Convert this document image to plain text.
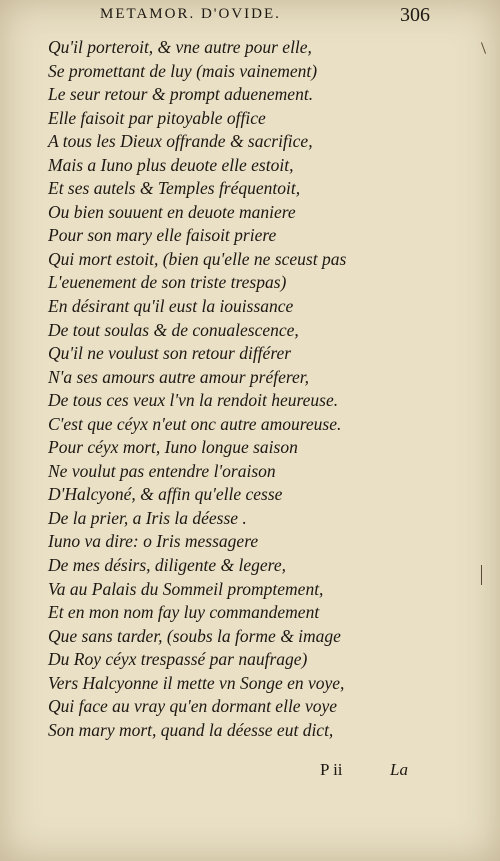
METAMOR. D'OVIDE.	306
Qu'il porteroit, & vne autre pour elle,
Se promettant de luy (mais vainement)
Le seur retour & prompt aduenement.
Elle faisoit par pitoyable office
A tous les Dieux offrande & sacrifice,
Mais a Iuno plus deuote elle estoit,
Et ses autels & Temples fréquentoit,
Ou bien souuent en deuote maniere
Pour son mary elle faisoit priere
Qui mort estoit, (bien qu'elle ne sceust pas
L'euenement de son triste trespas)
En désirant qu'il eust la iouissance
De tout soulas & de conualescence,
Qu'il ne voulust son retour différer
N'a ses amours autre amour préferer,
De tous ces veux l'vn la rendoit heureuse.
C'est que céyx n'eut onc autre amoureuse.
Pour céyx mort, Iuno longue saison
Ne voulut pas entendre l'oraison
D'Halcyoné, & affin qu'elle cesse
De la prier, a Iris la déesse .
Iuno va dire: o Iris messagere
De mes désirs, diligente & legere,
Va au Palais du Sommeil promptement,
Et en mon nom fay luy commandement
Que sans tarder, (soubs la forme & image
Du Roy céyx trespassé par naufrage)
Vers Halcyonne il mette vn Songe en voye,
Qui face au vray qu'en dormant elle voye
Son mary mort, quand la déesse eut dict,
P ii	La
